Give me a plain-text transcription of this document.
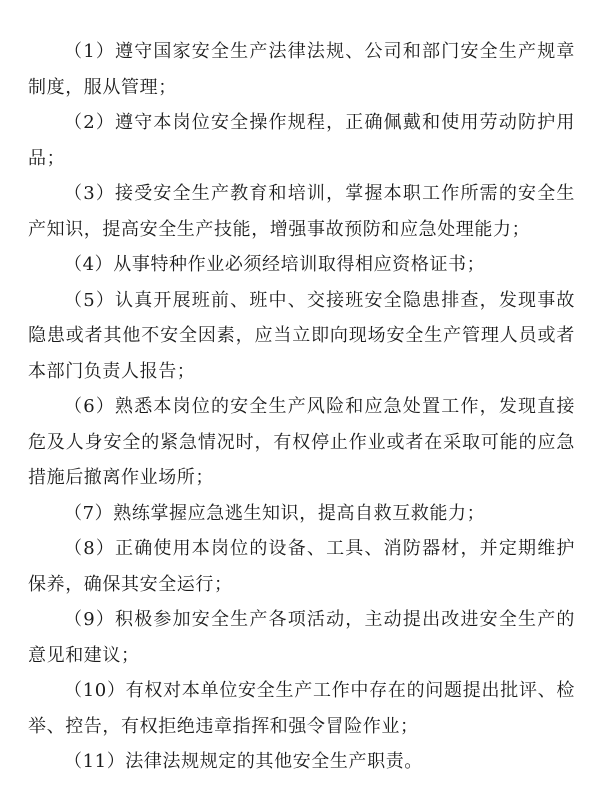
（1）遵守国家安全生产法律法规、公司和部门安全生产规章制度，服从管理；

（2）遵守本岗位安全操作规程，正确佩戴和使用劳动防护用品；

（3）接受安全生产教育和培训，掌握本职工作所需的安全生产知识，提高安全生产技能，增强事故预防和应急处理能力；

（4）从事特种作业必须经培训取得相应资格证书；

（5）认真开展班前、班中、交接班安全隐患排查，发现事故隐患或者其他不安全因素，应当立即向现场安全生产管理人员或者本部门负责人报告；

（6）熟悉本岗位的安全生产风险和应急处置工作，发现直接危及人身安全的紧急情况时，有权停止作业或者在采取可能的应急措施后撤离作业场所；

（7）熟练掌握应急逃生知识，提高自救互救能力；

（8）正确使用本岗位的设备、工具、消防器材，并定期维护保养，确保其安全运行；

（9）积极参加安全生产各项活动，主动提出改进安全生产的意见和建议；

（10）有权对本单位安全生产工作中存在的问题提出批评、检举、控告，有权拒绝违章指挥和强令冒险作业；

（11）法律法规规定的其他安全生产职责。
